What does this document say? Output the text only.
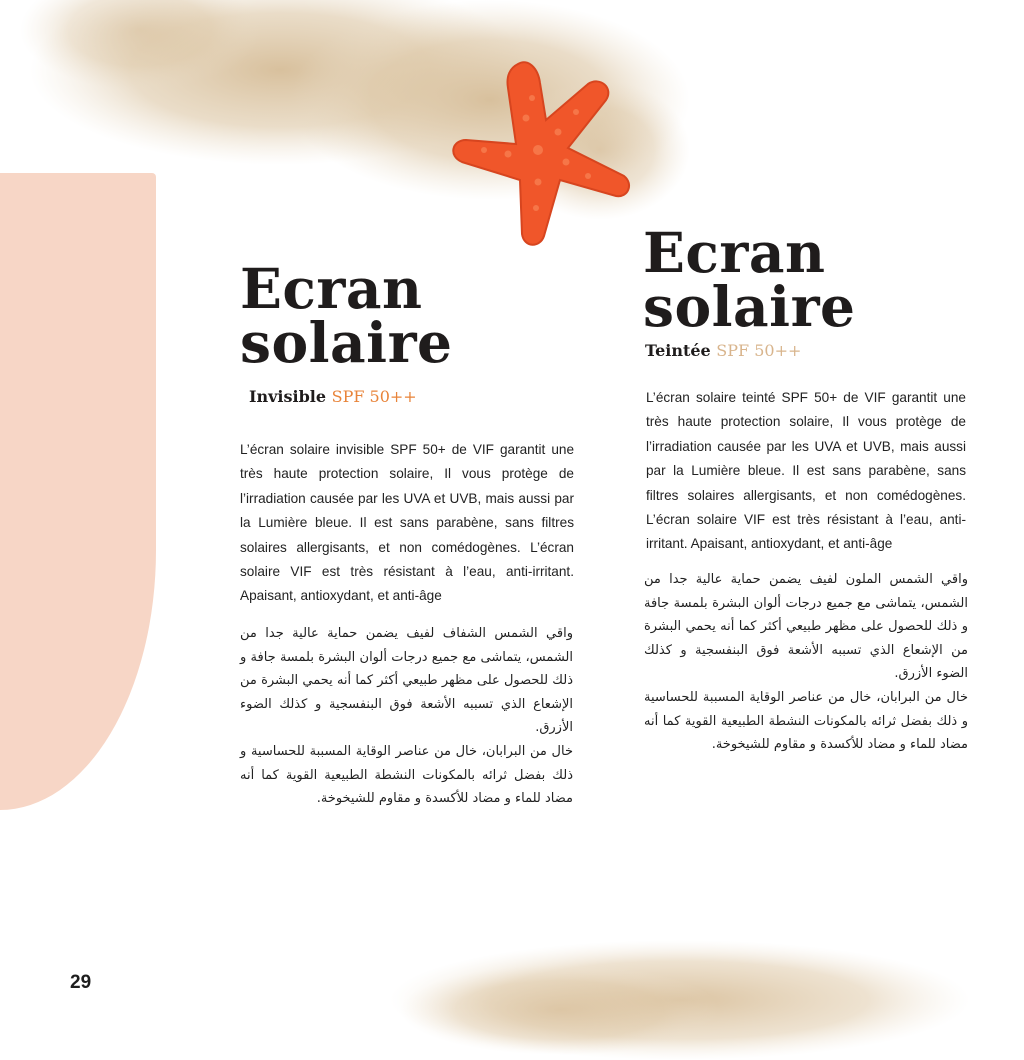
Ecran
solaire

Invisible SPF 50++

L’écran solaire invisible SPF 50+ de VIF garantit une très haute protection solaire, Il vous protège de l’irradiation causée par les UVA et UVB, mais aussi par la Lumière bleue. Il est sans parabène, sans filtres solaires allergisants, et non comédogènes. L’écran solaire VIF est très résistant à l’eau, anti-irritant. Apaisant, antioxydant, et anti-âge

واقي الشمس الشفاف لفيف يضمن حماية عالية جدا من الشمس، يتماشى مع جميع درجات ألوان البشرة بلمسة جافة و ذلك للحصول على مظهر طبيعي أكثر كما أنه يحمي البشرة من الإشعاع الذي تسببه الأشعة فوق البنفسجية و كذلك الضوء الأزرق.

خال من البرابان، خال من عناصر الوقاية المسببة للحساسية و ذلك بفضل ثرائه بالمكونات النشطة الطبيعية القوية كما أنه مضاد للماء و مضاد للأكسدة و مقاوم للشيخوخة.

Ecran
solaire

Teintée SPF 50++

L’écran solaire teinté SPF 50+ de VIF garantit une très haute protection solaire, Il vous protège de l’irradiation causée par les UVA et UVB, mais aussi par la Lumière bleue. Il est sans parabène, sans filtres solaires allergisants, et non comédogènes. L’écran solaire VIF est très résistant à l’eau, anti-irritant. Apaisant, antioxydant, et anti-âge

واقي الشمس الملون لفيف يضمن حماية عالية جدا من الشمس، يتماشى مع جميع درجات ألوان البشرة بلمسة جافة و ذلك للحصول على مظهر طبيعي أكثر كما أنه يحمي البشرة من الإشعاع الذي تسببه الأشعة فوق البنفسجية و كذلك الضوء الأزرق.

خال من البرابان، خال من عناصر الوقاية المسببة للحساسية و ذلك بفضل ثرائه بالمكونات النشطة الطبيعية القوية كما أنه مضاد للماء و مضاد للأكسدة و مقاوم للشيخوخة.

29
